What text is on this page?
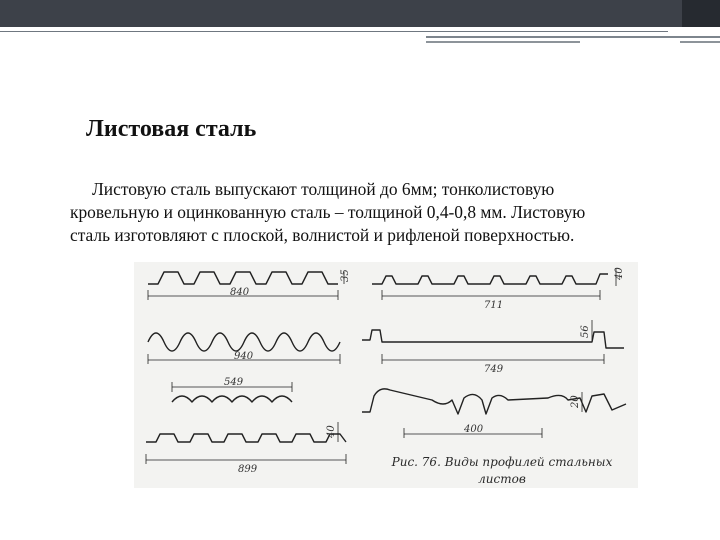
Листовая сталь
Листовую сталь выпускают толщиной до 6мм; тонколистовую
кровельную и оцинкованную сталь – толщиной 0,4-0,8 мм. Листовую
сталь изготовляют с плоской, волнистой и рифленой поверхностью.
840
35
940
549
899
40
711
40
749
56
400
20
Рис. 76. Виды профилей стальных
листов
